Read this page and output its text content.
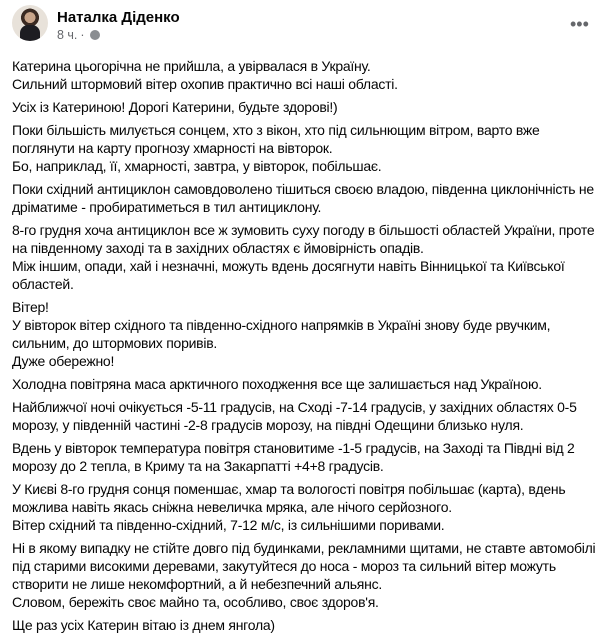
Наталка Діденко
8 ч. ·
•••
Катерина цьогорічна не прийшла, а увірвалася в Україну.
Сильний штормовий вітер охопив практично всі наші області.
Усіх із Катериною! Дорогі Катерини, будьте здорові!)
Поки більшість милується сонцем, хто з вікон, хто під сильнющим вітром, варто вже
поглянути на карту прогнозу хмарності на вівторок.
Бо, наприклад, її, хмарності, завтра, у вівторок, побільшає.
Поки східний антициклон самовдоволено тішиться своєю владою, південна циклонічність не
дріматиме - пробиратиметься в тил антициклону.
8-го грудня хоча антициклон все ж зумовить суху погоду в більшості областей України, проте
на південному заході та в західних областях є ймовірність опадів.
Між іншим, опади, хай і незначні, можуть вдень досягнути навіть Вінницької та Київської
областей.
Вітер!
У вівторок вітер східного та південно-східного напрямків в Україні знову буде рвучким,
сильним, до штормових поривів.
Дуже обережно!
Холодна повітряна маса арктичного походження все ще залишається над Україною.
Найближчої ночі очікується -5-11 градусів, на Сході -7-14 градусів, у західних областях 0-5
морозу, у південній частині -2-8 градусів морозу, на півдні Одещини близько нуля.
Вдень у вівторок температура повітря становитиме -1-5 градусів, на Заході та Півдні від 2
морозу до 2 тепла, в Криму та на Закарпатті +4+8 градусів.
У Києві 8-го грудня сонця поменшає, хмар та вологості повітря побільшає (карта), вдень
можлива навіть якась сніжна невеличка мряка, але нічого серйозного.
Вітер східний та південно-східний, 7-12 м/с, із сильнішими поривами.
Ні в якому випадку не стійте довго під будинками, рекламними щитами, не ставте автомобілі
під старими високими деревами, закутуйтеся до носа - мороз та сильний вітер можуть
створити не лише некомфортний, а й небезпечний альянс.
Словом, бережіть своє майно та, особливо, своє здоров'я.
Ще раз усіх Катерин вітаю із днем янгола)
